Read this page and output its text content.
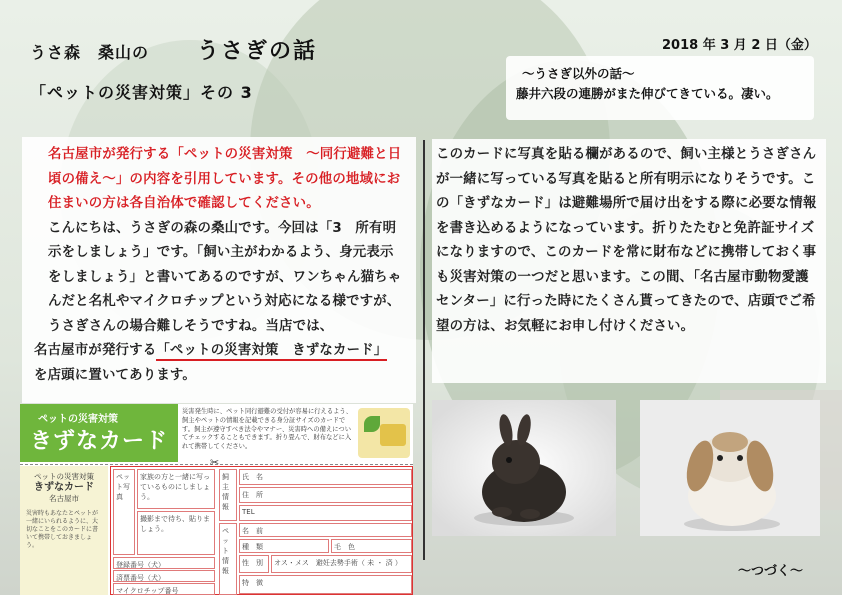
うさ森　桑山の うさぎの話	2018 年 3 月 2 日（金）
「ペットの災害対策」その 3

～うさぎ以外の話～

藤井六段の連勝がまた伸びてきている。凄い。

名古屋市が発行する「ペットの災害対策　～同行避難と日頃の備え～」の内容を引用しています。その他の地域にお住まいの方は各自治体で確認してください。

こんにちは、うさぎの森の桑山です。今回は「3　所有明示をしましょう」です。「飼い主がわかるよう、身元表示をしましょう」と書いてあるのですが、ワンちゃん猫ちゃんだと名札やマイクロチップという対応になる様ですが、うさぎさんの場合難しそうですね。当店では、

名古屋市が発行する「ペットの災害対策　きずなカード」
を店頭に置いてあります。

このカードに写真を貼る欄があるので、飼い主様とうさぎさんが一緒に写っている写真を貼ると所有明示になりそうです。この「きずなカード」は避難場所で届け出をする際に必要な情報を書き込めるようになっています。折りたたむと免許証サイズになりますので、このカードを常に財布などに携帯しておく事も災害対策の一つだと思います。この間、「名古屋市動物愛護センター」に行った時にたくさん貰ってきたので、店頭でご希望の方は、お気軽にお申し付けください。

～つづく～
ペットの災害対策
きずなカード
災害発生時に、ペット同行避難の受付が容易に行えるよう、飼主やペットの情報を記載できる身分証サイズのカードです。飼主が遵守すべき法令やマナー、災害時への備えについてチェックすることもできます。折り畳んで、財布などに入れて携帯してください。
✂
ペットの災害対策
きずなカード
名古屋市
災害時もあなたとペットが一緒にいられるように、大切なことをこのカードに書いて携帯しておきましょう。
ペット写真
家族の方と一緒に写っているものにしましょう。
撮影まで待ち、貼りましょう。
登録番号（犬）
済票番号（犬）
マイクロチップ番号
飼主情報
氏　名
住　所
TEL
ペット情報
名　前
種　類	毛　色
性　別	オス・メス　避妊去勢手術（ 未 ・ 済 ）
特　徴
